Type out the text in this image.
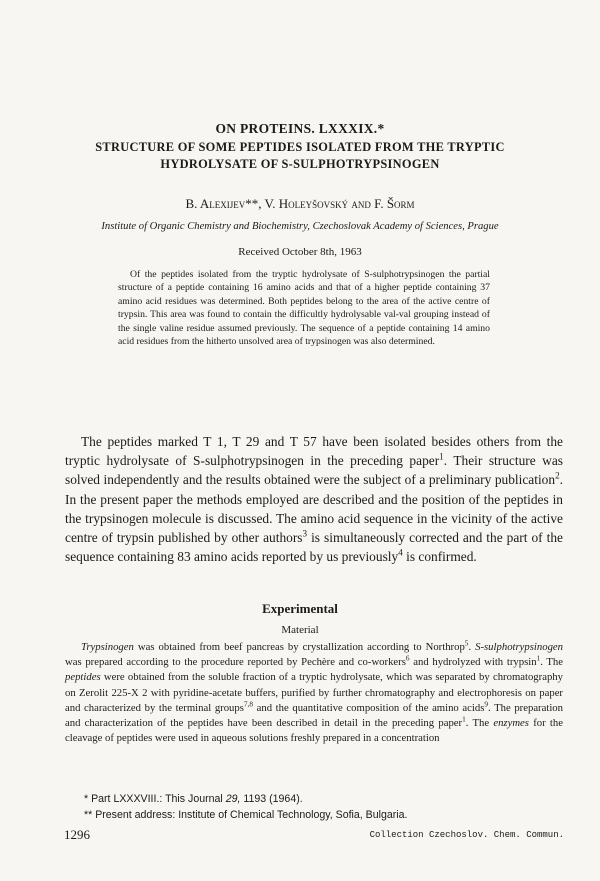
ON PROTEINS. LXXXIX.*
STRUCTURE OF SOME PEPTIDES ISOLATED FROM THE TRYPTIC
HYDROLYSATE OF S-SULPHOTRYPSINOGEN
B. Alexijev**, V. Holeyšovský and F. Šorm
Institute of Organic Chemistry and Biochemistry, Czechoslovak Academy of Sciences, Prague
Received October 8th, 1963
Of the peptides isolated from the tryptic hydrolysate of S-sulphotrypsinogen the partial structure of a peptide containing 16 amino acids and that of a higher peptide containing 37 amino acid residues was determined. Both peptides belong to the area of the active centre of trypsin. This area was found to contain the difficultly hydrolysable val-val grouping instead of the single valine residue assumed previously. The sequence of a peptide containing 14 amino acid residues from the hitherto unsolved area of trypsinogen was also determined.
The peptides marked T 1, T 29 and T 57 have been isolated besides others from the tryptic hydrolysate of S-sulphotrypsinogen in the preceding paper$^1$. Their structure was solved independently and the results obtained were the subject of a preliminary publication$^2$. In the present paper the methods employed are described and the position of the peptides in the trypsinogen molecule is discussed. The amino acid sequence in the vicinity of the active centre of trypsin published by other authors$^3$ is simultaneously corrected and the part of the sequence containing 83 amino acids reported by us previously$^4$ is confirmed.
Experimental
Material
Trypsinogen was obtained from beef pancreas by crystallization according to Northrop$^5$. S-sulphotrypsinogen was prepared according to the procedure reported by Pechère and co-workers$^6$ and hydrolyzed with trypsin$^1$. The peptides were obtained from the soluble fraction of a tryptic hydrolysate, which was separated by chromatography on Zerolit 225-X 2 with pyridine-acetate buffers, purified by further chromatography and electrophoresis on paper and characterized by the terminal groups$^{7,8}$ and the quantitative composition of the amino acids$^9$. The preparation and characterization of the peptides have been described in detail in the preceding paper$^1$. The enzymes for the cleavage of peptides were used in aqueous solutions freshly prepared in a concentration
* Part LXXXVIII.: This Journal 29, 1193 (1964).
** Present address: Institute of Chemical Technology, Sofia, Bulgaria.
1296	Collection Czechoslov. Chem. Commun.
